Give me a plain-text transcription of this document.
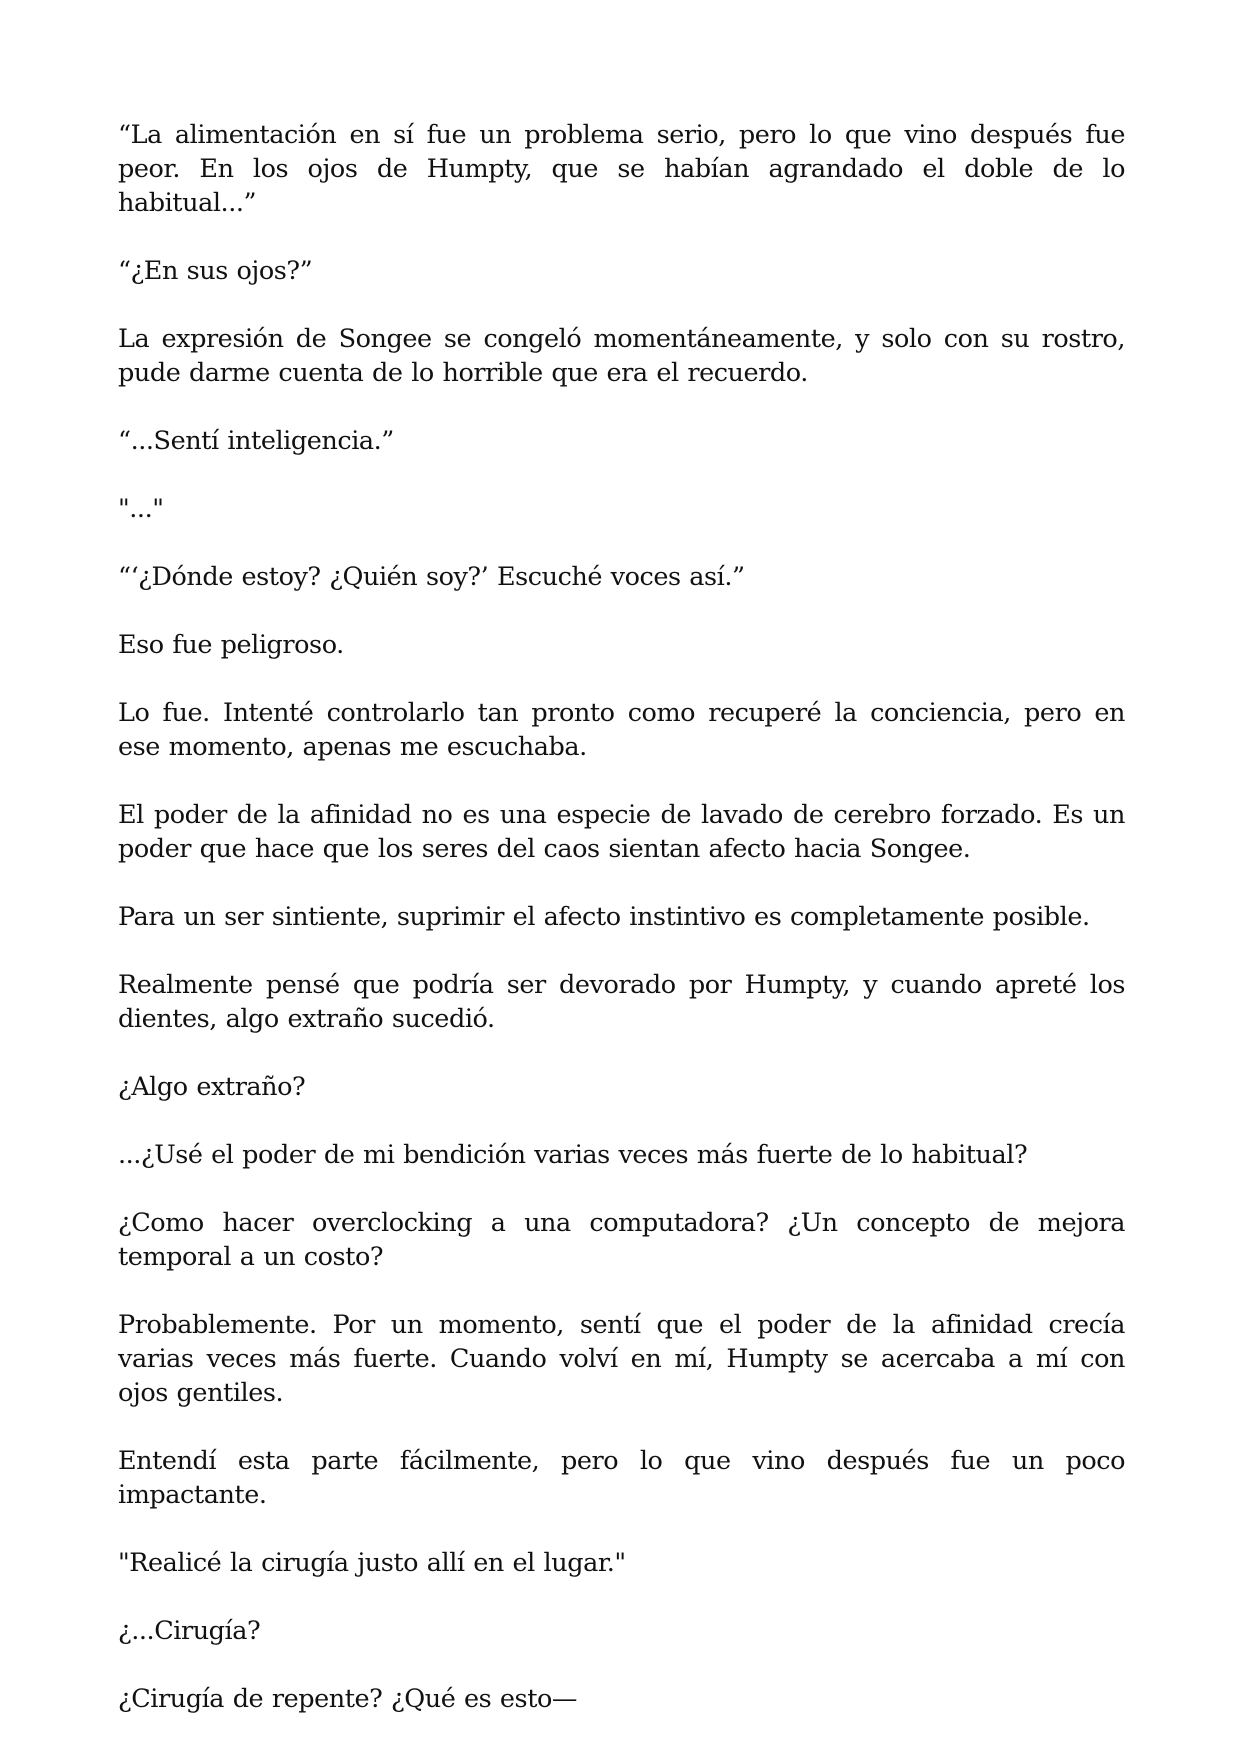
“La alimentación en sí fue un problema serio, pero lo que vino después fue peor. En los ojos de Humpty, que se habían agrandado el doble de lo habitual...”

“¿En sus ojos?”

La expresión de Songee se congeló momentáneamente, y solo con su rostro, pude darme cuenta de lo horrible que era el recuerdo.

“...Sentí inteligencia.”

"..."

“‘¿Dónde estoy? ¿Quién soy?’ Escuché voces así.”

Eso fue peligroso.

Lo fue. Intenté controlarlo tan pronto como recuperé la conciencia, pero en ese momento, apenas me escuchaba.

El poder de la afinidad no es una especie de lavado de cerebro forzado. Es un poder que hace que los seres del caos sientan afecto hacia Songee.

Para un ser sintiente, suprimir el afecto instintivo es completamente posible.

Realmente pensé que podría ser devorado por Humpty, y cuando apreté los dientes, algo extraño sucedió.

¿Algo extraño?

...¿Usé el poder de mi bendición varias veces más fuerte de lo habitual?

¿Como hacer overclocking a una computadora? ¿Un concepto de mejora temporal a un costo?

Probablemente. Por un momento, sentí que el poder de la afinidad crecía varias veces más fuerte. Cuando volví en mí, Humpty se acercaba a mí con ojos gentiles.

Entendí esta parte fácilmente, pero lo que vino después fue un poco impactante.

"Realicé la cirugía justo allí en el lugar."

¿...Cirugía?

¿Cirugía de repente? ¿Qué es esto—
